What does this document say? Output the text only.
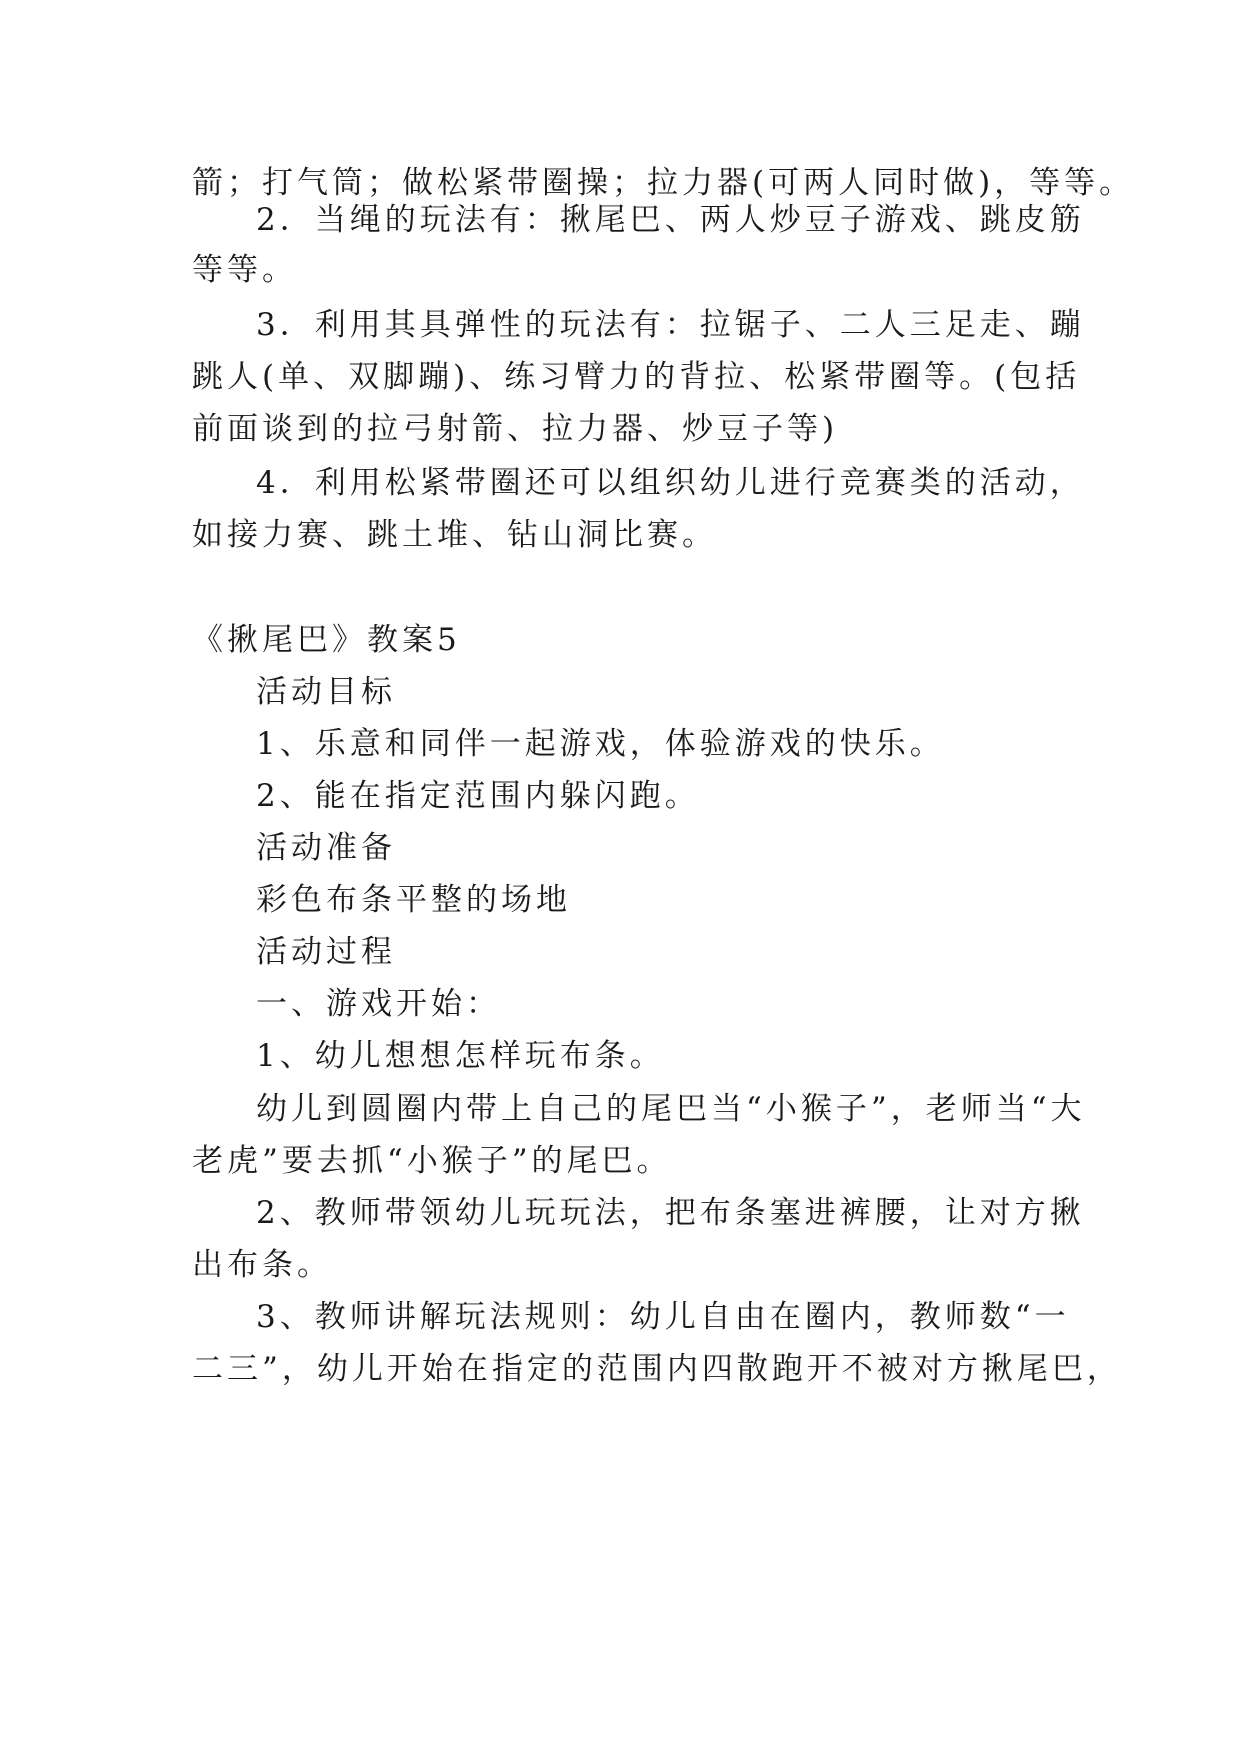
箭；打气筒；做松紧带圈操；拉力器(可两人同时做)，等等。
2．当绳的玩法有：揪尾巴、两人炒豆子游戏、跳皮筋
等等。
3．利用其具弹性的玩法有：拉锯子、二人三足走、蹦
跳人(单、双脚蹦)、练习臂力的背拉、松紧带圈等。(包括
前面谈到的拉弓射箭、拉力器、炒豆子等)
4．利用松紧带圈还可以组织幼儿进行竞赛类的活动，
如接力赛、跳土堆、钻山洞比赛。
《揪尾巴》教案5
活动目标
1、乐意和同伴一起游戏，体验游戏的快乐。
2、能在指定范围内躲闪跑。
活动准备
彩色布条平整的场地
活动过程
一、游戏开始：
1、幼儿想想怎样玩布条。
幼儿到圆圈内带上自己的尾巴当“小猴子”，老师当“大
老虎”要去抓“小猴子”的尾巴。
2、教师带领幼儿玩玩法，把布条塞进裤腰，让对方揪
出布条。
3、教师讲解玩法规则：幼儿自由在圈内，教师数“一
二三”，幼儿开始在指定的范围内四散跑开不被对方揪尾巴，
